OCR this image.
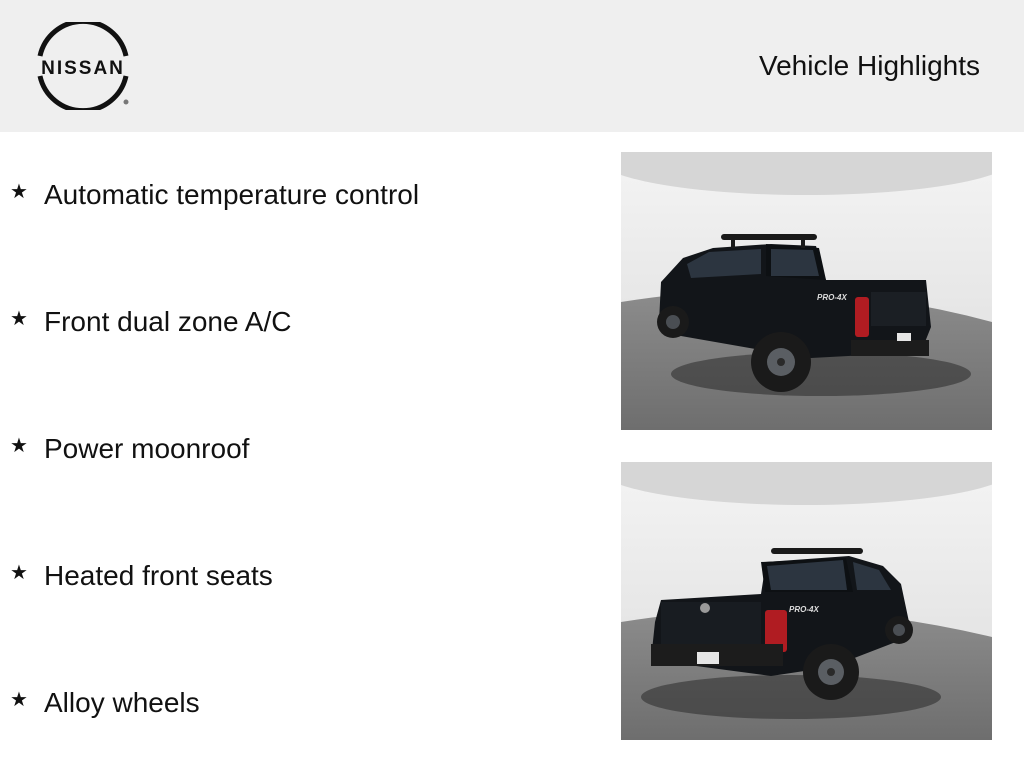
NISSAN	Vehicle Highlights
★ Automatic temperature control
★ Front dual zone A/C
★ Power moonroof
★ Heated front seats
★ Alloy wheels
PRO-4X
PRO-4X
